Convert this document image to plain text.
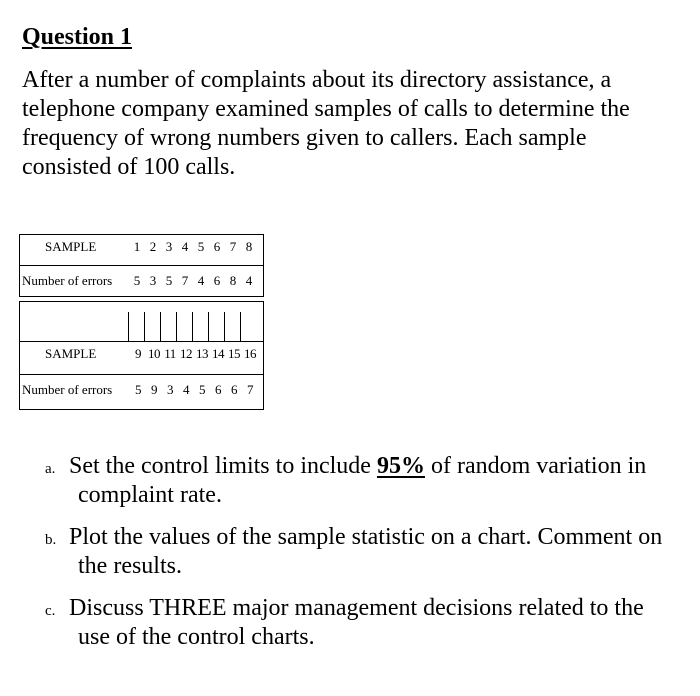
Question 1
After a number of complaints about its directory assistance, a
telephone company examined samples of calls to determine the
frequency of wrong numbers given to callers. Each sample
consisted of 100 calls.
SAMPLE	1 2 3 4 5 6 7 8
Number of errors	5 3 5 7 4 6 8 4
SAMPLE	9 10 11 12 13 14 15 16
Number of errors	5 9 3 4 5 6 6 7
a. Set the control limits to include 95% of random variation in
complaint rate.
b. Plot the values of the sample statistic on a chart. Comment on
the results.
c. Discuss THREE major management decisions related to the
use of the control charts.
